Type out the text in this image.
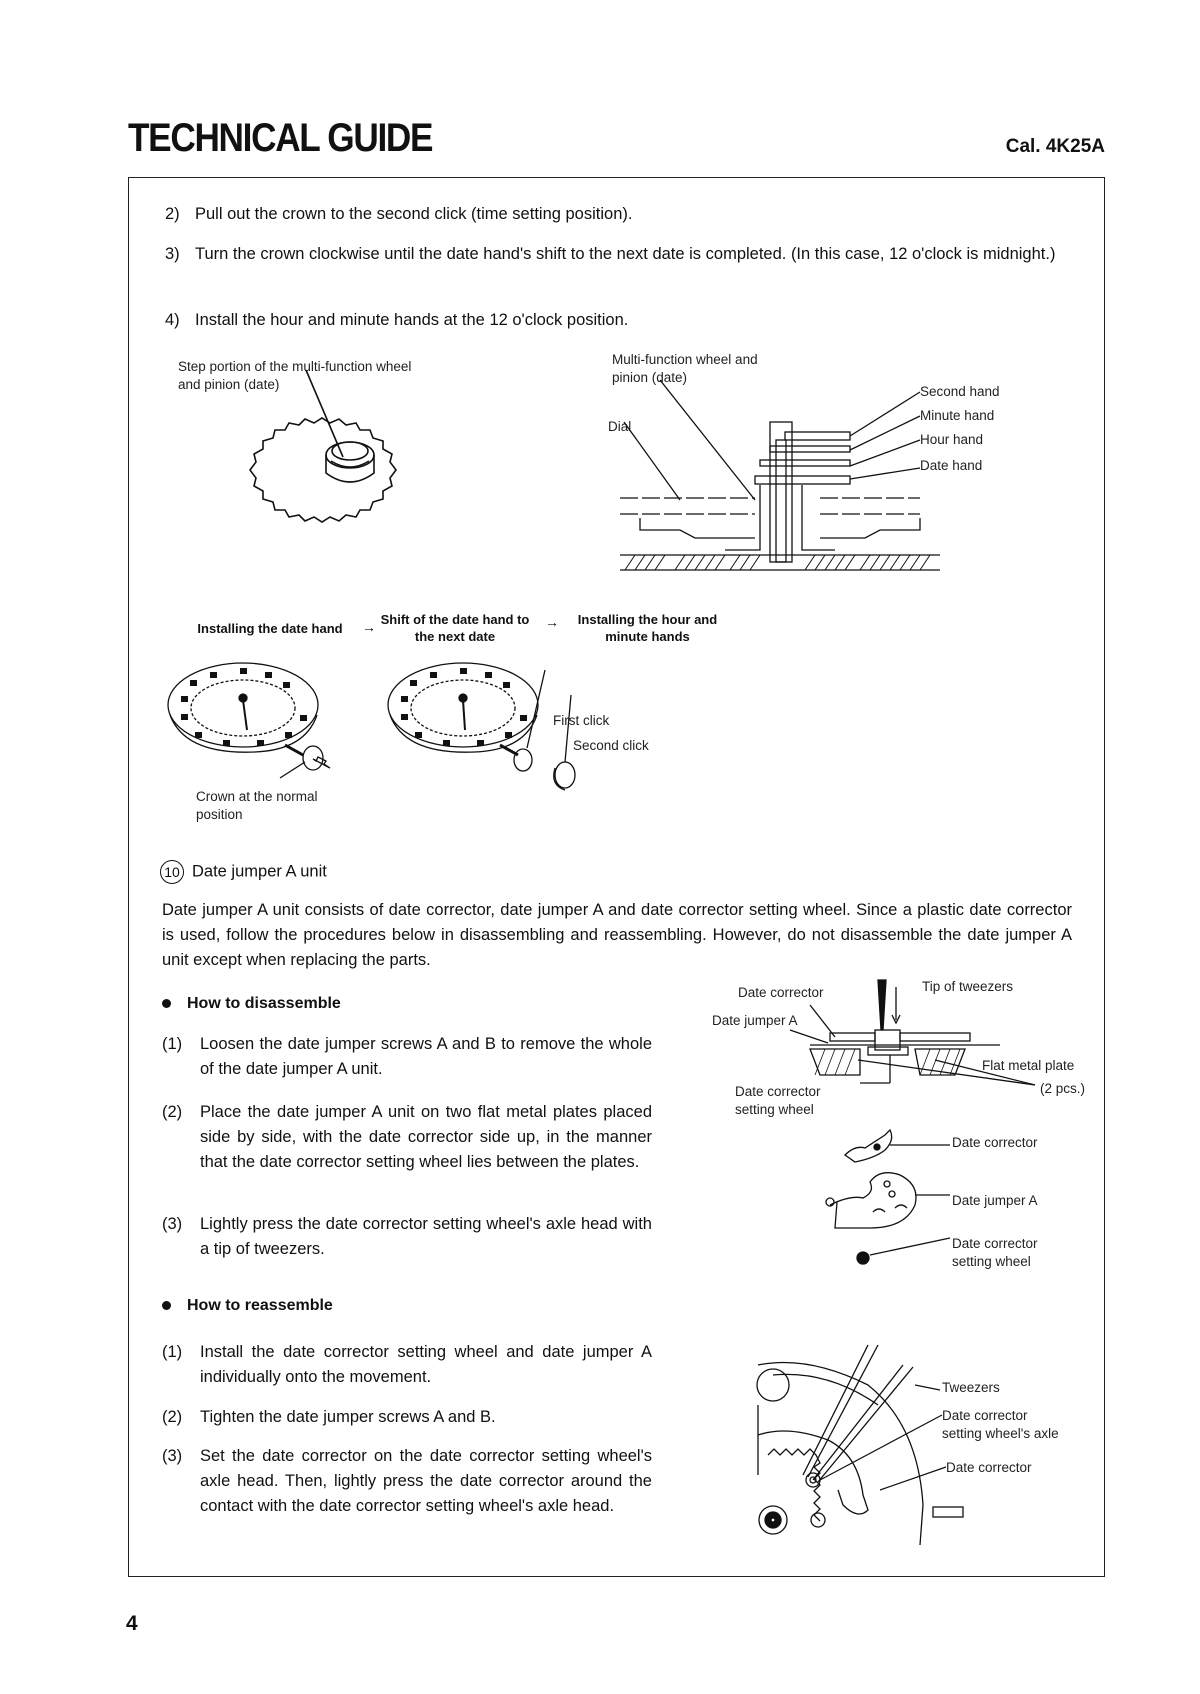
TECHNICAL GUIDE	Cal. 4K25A
2) Pull out the crown to the second click (time setting position).
3) Turn the crown clockwise until the date hand's shift to the next date is completed. (In this case, 12 o'clock is midnight.)
4) Install the hour and minute hands at the 12 o'clock position.
Step portion of the multi-function wheel and pinion (date)
Multi-function wheel and pinion (date)
Dial
Second hand
Minute hand
Hour hand
Date hand
Installing the date hand	→ Shift of the date hand to the next date
→	Installing the hour and minute hands
Crown at the normal position
First click
Second click
10 Date jumper A unit
Date jumper A unit consists of date corrector, date jumper A and date corrector setting wheel. Since a plastic date corrector is used, follow the procedures below in disassembling and reassembling. However, do not disassemble the date jumper A unit except when replacing the parts.
How to disassemble
(1) Loosen the date jumper screws A and B to remove the whole of the date jumper A unit.
(2) Place the date jumper A unit on two flat metal plates placed side by side, with the date corrector side up, in the manner that the date corrector setting wheel lies between the plates.
(3) Lightly press the date corrector setting wheel's axle head with a tip of tweezers.
Date corrector	Tip of tweezers
Date jumper A
Flat metal plate
(2 pcs.)
Date corrector
setting wheel
Date corrector
Date jumper A
Date corrector
setting wheel
How to reassemble
(1) Install the date corrector setting wheel and date jumper A individually onto the movement.
(2) Tighten the date jumper screws A and B.
(3) Set the date corrector on the date corrector setting wheel's axle head. Then, lightly press the date corrector around the contact with the date corrector setting wheel's axle head.
Tweezers
Date corrector
setting wheel's axle
Date corrector
4
